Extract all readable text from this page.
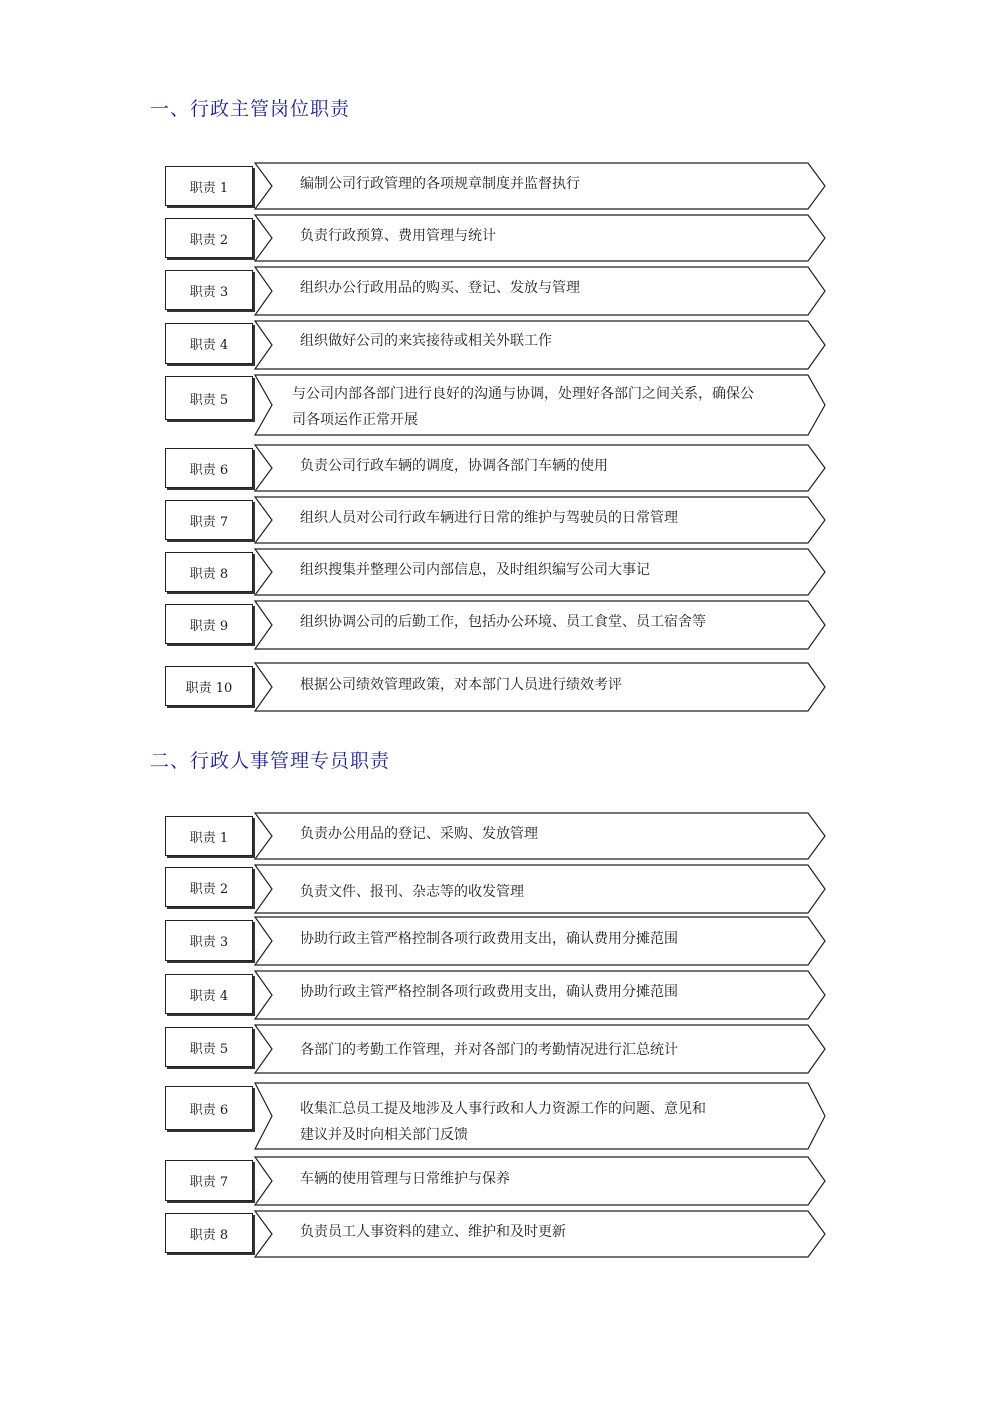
一、行政主管岗位职责
二、行政人事管理专员职责
职责 1	编制公司行政管理的各项规章制度并监督执行
职责 2	负责行政预算、费用管理与统计
职责 3	组织办公行政用品的购买、登记、发放与管理
职责 4	组织做好公司的来宾接待或相关外联工作
职责 5	与公司内部各部门进行良好的沟通与协调，处理好各部门之间关系，确保公
司各项运作正常开展
职责 6	负责公司行政车辆的调度，协调各部门车辆的使用
职责 7	组织人员对公司行政车辆进行日常的维护与驾驶员的日常管理
职责 8	组织搜集并整理公司内部信息，及时组织编写公司大事记
职责 9	组织协调公司的后勤工作，包括办公环境、员工食堂、员工宿舍等
职责 10	根据公司绩效管理政策，对本部门人员进行绩效考评
职责 1	负责办公用品的登记、采购、发放管理
职责 2	负责文件、报刊、杂志等的收发管理
职责 3	协助行政主管严格控制各项行政费用支出，确认费用分摊范围
职责 4	协助行政主管严格控制各项行政费用支出，确认费用分摊范围
职责 5	各部门的考勤工作管理，并对各部门的考勤情况进行汇总统计
职责 6	收集汇总员工提及地涉及人事行政和人力资源工作的问题、意见和
建议并及时向相关部门反馈
职责 7	车辆的使用管理与日常维护与保养
职责 8	负责员工人事资料的建立、维护和及时更新
